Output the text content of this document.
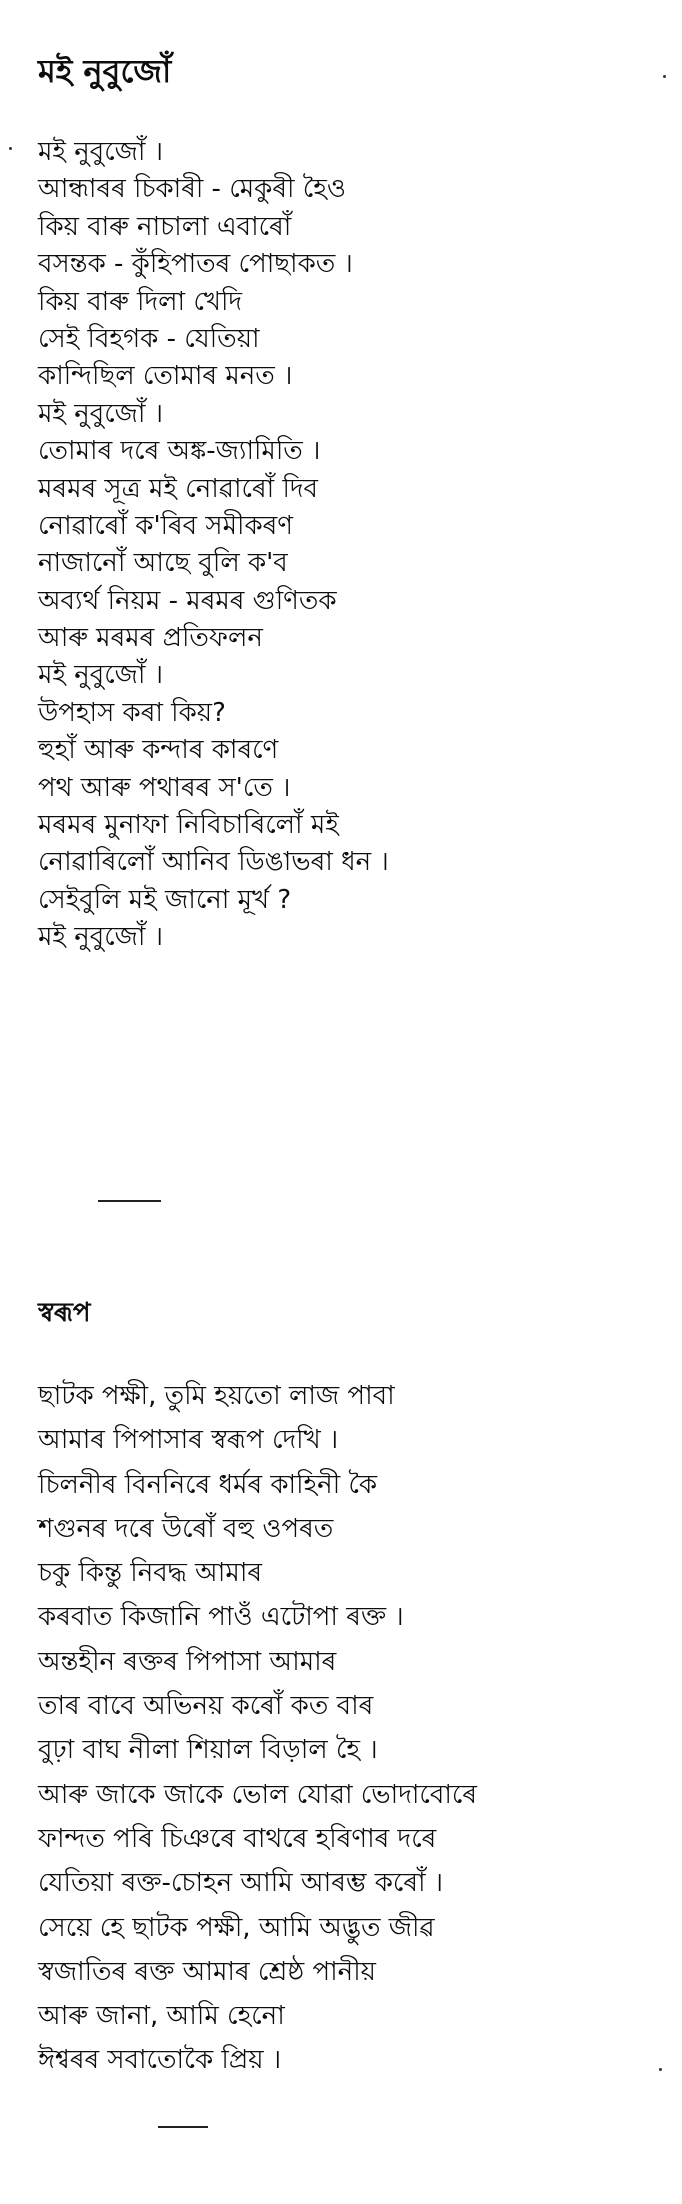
মই নুবুজোঁ
মই নুবুজোঁ ।
আন্ধাৰৰ চিকাৰী - মেকুৰী হৈও
কিয় বাৰু নাচালা এবাৰোঁ
বসন্তক - কুঁহিপাতৰ পোছাকত ।
কিয় বাৰু দিলা খেদি
সেই বিহগক - যেতিয়া
কান্দিছিল তোমাৰ মনত ।
মই নুবুজোঁ ।
তোমাৰ দৰে অঙ্ক-জ্যামিতি ।
মৰমৰ সূত্ৰ মই নোৱাৰোঁ দিব
নোৱাৰোঁ ক'ৰিব সমীকৰণ
নাজানোঁ আছে বুলি ক'ব
অব্যৰ্থ নিয়ম - মৰমৰ গুণিতক
আৰু মৰমৰ প্ৰতিফলন
মই নুবুজোঁ ।
উপহাস কৰা কিয়?
হুহাঁ আৰু কন্দাৰ কাৰণে
পথ আৰু পথাৰৰ স'তে ।
মৰমৰ মুনাফা নিবিচাৰিলোঁ মই
নোৱাৰিলোঁ আনিব ডিঙাভৰা ধন ।
সেইবুলি মই জানো মূৰ্খ ?
মই নুবুজোঁ ।
স্বৰূপ
ছাটক পক্ষী, তুমি হয়তো লাজ পাবা
আমাৰ পিপাসাৰ স্বৰূপ দেখি ।
চিলনীৰ বিননিৰে ধৰ্মৰ কাহিনী কৈ
শগুনৰ দৰে উৰোঁ বহু ওপৰত
চকু কিন্তু নিবদ্ধ আমাৰ
কৰবাত কিজানি পাওঁ এটোপা ৰক্ত ।
অন্তহীন ৰক্তৰ পিপাসা আমাৰ
তাৰ বাবে অভিনয় কৰোঁ কত বাৰ
বুঢ়া বাঘ নীলা শিয়াল বিড়াল হৈ ।
আৰু জাকে জাকে ভোল যোৱা ভোদাবোৰে
ফান্দত পৰি চিঞৰে বাথৰে হৰিণাৰ দৰে
যেতিয়া ৰক্ত-চোহন আমি আৰম্ভ কৰোঁ ।
সেয়ে হে ছাটক পক্ষী, আমি অদ্ভুত জীৱ
স্বজাতিৰ ৰক্ত আমাৰ শ্ৰেষ্ঠ পানীয়
আৰু জানা, আমি হেনো
ঈশ্বৰৰ সবাতোকৈ প্ৰিয় ।
